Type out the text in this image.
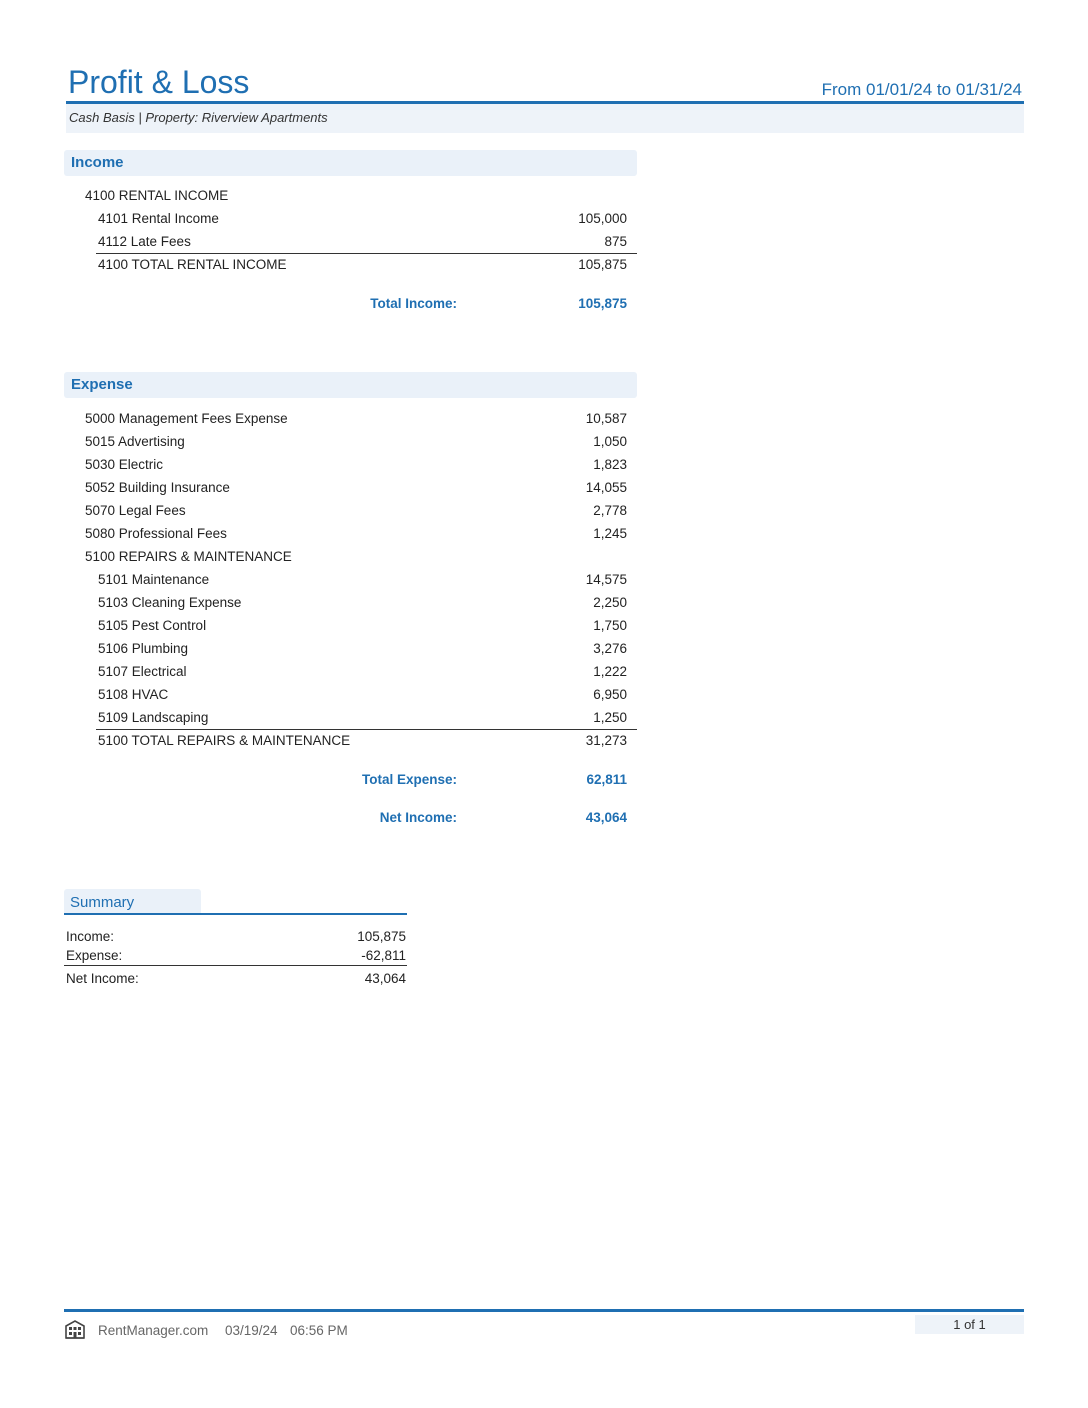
Profit & Loss	From 01/01/24 to 01/31/24
Cash Basis | Property: Riverview Apartments
Income
4100 RENTAL INCOME
4101 Rental Income	105,000
4112 Late Fees	875
4100 TOTAL RENTAL INCOME	105,875
Total Income:	105,875
Expense
5000 Management Fees Expense	10,587
5015 Advertising	1,050
5030 Electric	1,823
5052 Building Insurance	14,055
5070 Legal Fees	2,778
5080 Professional Fees	1,245
5100 REPAIRS & MAINTENANCE
5101 Maintenance	14,575
5103 Cleaning Expense	2,250
5105 Pest Control	1,750
5106 Plumbing	3,276
5107 Electrical	1,222
5108 HVAC	6,950
5109 Landscaping	1,250
5100 TOTAL REPAIRS & MAINTENANCE	31,273
Total Expense:	62,811
Net Income:	43,064
Summary
Income:	105,875
Expense:	-62,811
Net Income:	43,064
RentManager.com 03/19/24 06:56 PM	1 of 1
